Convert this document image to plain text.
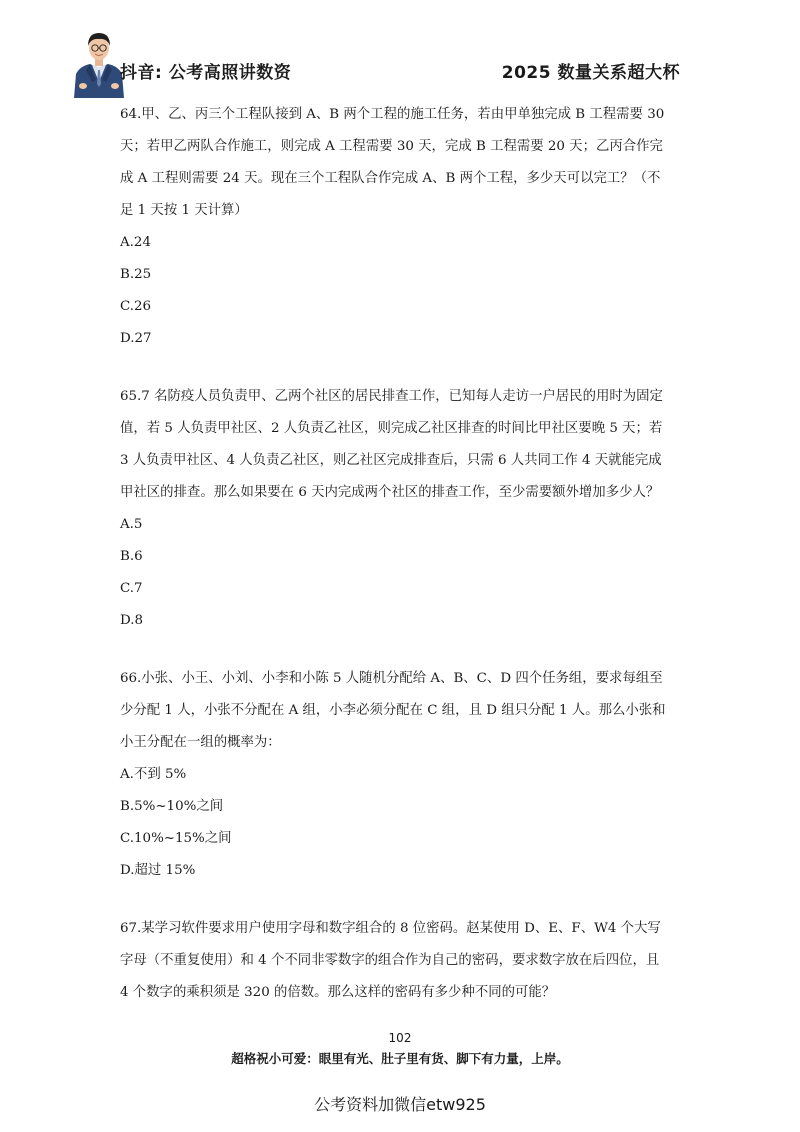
抖音: 公考高照讲数资	2025 数量关系超大杯

64.甲、乙、丙三个工程队接到 A、B 两个工程的施工任务，若由甲单独完成 B 工程需要 30

天；若甲乙两队合作施工，则完成 A 工程需要 30 天，完成 B 工程需要 20 天；乙丙合作完

成 A 工程则需要 24 天。现在三个工程队合作完成 A、B 两个工程，多少天可以完工？（不

足 1 天按 1 天计算）

A.24
B.25
C.26
D.27

65.7 名防疫人员负责甲、乙两个社区的居民排查工作，已知每人走访一户居民的用时为固定

值，若 5 人负责甲社区、2 人负责乙社区，则完成乙社区排查的时间比甲社区要晚 5 天；若

3 人负责甲社区、4 人负责乙社区，则乙社区完成排查后，只需 6 人共同工作 4 天就能完成

甲社区的排查。那么如果要在 6 天内完成两个社区的排查工作，至少需要额外增加多少人？

A.5
B.6
C.7
D.8

66.小张、小王、小刘、小李和小陈 5 人随机分配给 A、B、C、D 四个任务组，要求每组至

少分配 1 人，小张不分配在 A 组，小李必须分配在 C 组，且 D 组只分配 1 人。那么小张和

小王分配在一组的概率为：

A.不到 5%
B.5%~10%之间
C.10%~15%之间
D.超过 15%

67.某学习软件要求用户使用字母和数字组合的 8 位密码。赵某使用 D、E、F、W4 个大写

字母（不重复使用）和 4 个不同非零数字的组合作为自己的密码，要求数字放在后四位，且

4 个数字的乘积须是 320 的倍数。那么这样的密码有多少种不同的可能？

102
超格祝小可爱：眼里有光、肚子里有货、脚下有力量，上岸。
公考资料加微信etw925
